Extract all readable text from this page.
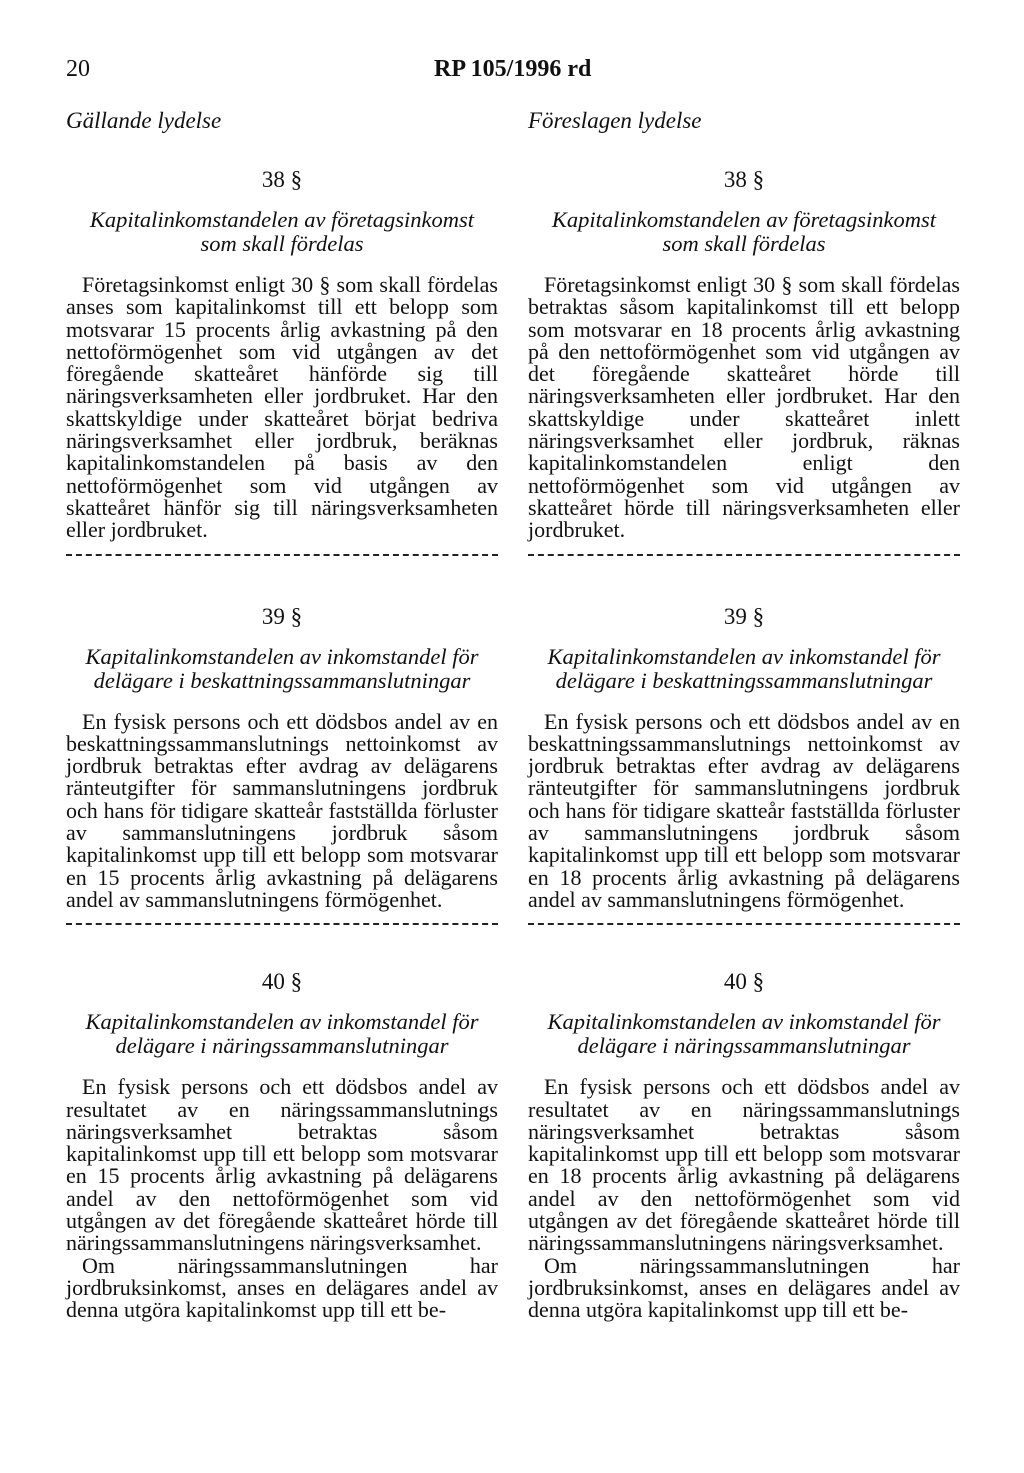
20	RP 105/1996 rd
Gällande lydelse
38 §
Kapitalinkomstandelen av företagsinkomst
som skall fördelas

Företagsinkomst enligt 30 § som skall fördelas anses som kapitalinkomst till ett belopp som motsvarar 15 procents årlig avkastning på den nettoförmögenhet som vid utgången av det föregående skatteåret hänförde sig till näringsverksamheten eller jordbruket. Har den skattskyldige under skatteåret börjat bedriva näringsverksamhet eller jordbruk, beräknas kapitalinkomstandelen på basis av den nettoförmögenhet som vid utgången av skatteåret hänför sig till näringsverksamheten eller jordbruket.

39 §
Kapitalinkomstandelen av inkomstandel för
delägare i beskattningssammanslutningar

En fysisk persons och ett dödsbos andel av en beskattningssammanslutnings nettoinkomst av jordbruk betraktas efter avdrag av delägarens ränteutgifter för sammanslutningens jordbruk och hans för tidigare skatteår fastställda förluster av sammanslutningens jordbruk såsom kapitalinkomst upp till ett belopp som motsvarar en 15 procents årlig avkastning på delägarens andel av sammanslutningens förmögenhet.

40 §
Kapitalinkomstandelen av inkomstandel för
delägare i näringssammanslutningar

En fysisk persons och ett dödsbos andel av resultatet av en näringssammanslutnings näringsverksamhet betraktas såsom kapitalinkomst upp till ett belopp som motsvarar en 15 procents årlig avkastning på delägarens andel av den nettoförmögenhet som vid utgången av det föregående skatteåret hörde till näringssammanslutningens näringsverksamhet.

Om näringssammanslutningen har jordbruksinkomst, anses en delägares andel av denna utgöra kapitalinkomst upp till ett be-

Föreslagen lydelse
38 §
Kapitalinkomstandelen av företagsinkomst
som skall fördelas

Företagsinkomst enligt 30 § som skall fördelas betraktas såsom kapitalinkomst till ett belopp som motsvarar en 18 procents årlig avkastning på den nettoförmögenhet som vid utgången av det föregående skatteåret hörde till näringsverksamheten eller jordbruket. Har den skattskyldige under skatteåret inlett näringsverksamhet eller jordbruk, räknas kapitalinkomstandelen enligt den nettoförmögenhet som vid utgången av skatteåret hörde till näringsverksamheten eller jordbruket.

39 §
Kapitalinkomstandelen av inkomstandel för
delägare i beskattningssammanslutningar

En fysisk persons och ett dödsbos andel av en beskattningssammanslutnings nettoinkomst av jordbruk betraktas efter avdrag av delägarens ränteutgifter för sammanslutningens jordbruk och hans för tidigare skatteår fastställda förluster av sammanslutningens jordbruk såsom kapitalinkomst upp till ett belopp som motsvarar en 18 procents årlig avkastning på delägarens andel av sammanslutningens förmögenhet.

40 §
Kapitalinkomstandelen av inkomstandel för
delägare i näringssammanslutningar

En fysisk persons och ett dödsbos andel av resultatet av en näringssammanslutnings näringsverksamhet betraktas såsom kapitalinkomst upp till ett belopp som motsvarar en 18 procents årlig avkastning på delägarens andel av den nettoförmögenhet som vid utgången av det föregående skatteåret hörde till näringssammanslutningens näringsverksamhet.

Om näringssammanslutningen har jordbruksinkomst, anses en delägares andel av denna utgöra kapitalinkomst upp till ett be-
